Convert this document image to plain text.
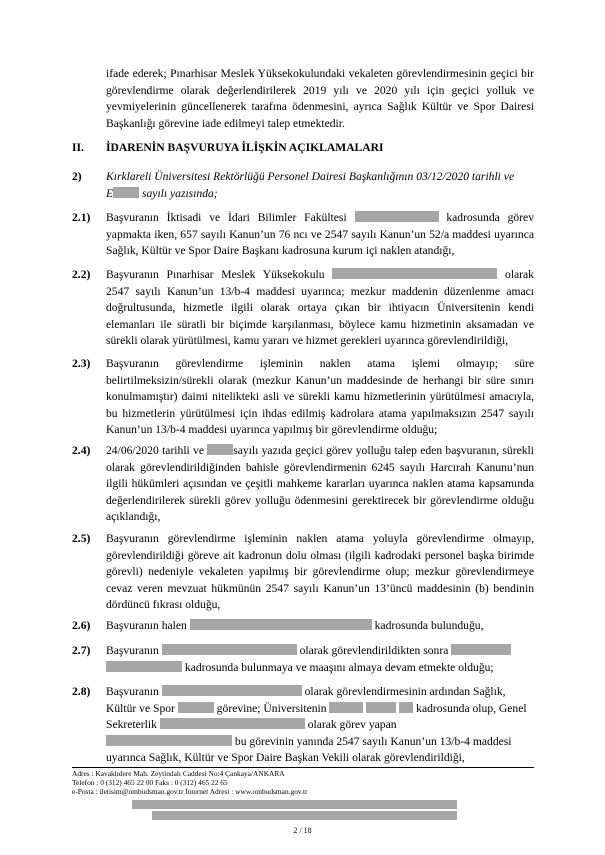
ifade ederek; Pınarhisar Meslek Yüksekokulundaki vekaleten görevlendirmesinin geçici bir görevlendirme olarak değerlendirilerek 2019 yılı ve 2020 yılı için geçici yolluk ve yevmiyelerinin güncellenerek tarafına ödenmesini, ayrıca Sağlık Kültür ve Spor Dairesi Başkanlığı görevine iade edilmeyi talep etmektedir.
II. İDARENİN BAŞVURUYA İLİŞKİN AÇIKLAMALARI
2) Kırklareli Üniversitesi Rektörlüğü Personel Dairesi Başkanlığının 03/12/2020 tarihli ve
E sayılı yazısında;
2.1) Başvuranın İktisadi ve İdari Bilimler Fakültesi	kadrosunda görev yapmakta iken, 657 sayılı Kanun’un 76 ncı ve 2547 sayılı Kanun’un 52/a maddesi uyarınca Sağlık, Kültür ve Spor Daire Başkanı kadrosuna kurum içi naklen atandığı,
2.2) Başvuranın Pınarhisar Meslek Yüksekokulu	olarak 2547 sayılı Kanun’un 13/b-4 maddesi uyarınca; mezkur maddenin düzenlenme amacı doğrultusunda, hizmetle ilgili olarak ortaya çıkan bir ihtiyacın Üniversitenin kendi elemanları ile süratli bir biçimde karşılanması, böylece kamu hizmetinin aksamadan ve sürekli olarak yürütülmesi, kamu yararı ve hizmet gerekleri uyarınca görevlendirildiği,
2.3) Başvuranın görevlendirme işleminin naklen atama işlemi olmayıp; süre belirtilmeksizin/sürekli olarak (mezkur Kanun’un maddesinde de herhangi bir süre sınırı konulmamıştır) daimi nitelikteki asli ve sürekli kamu hizmetlerinin yürütülmesi amacıyla, bu hizmetlerin yürütülmesi için ihdas edilmiş kadrolara atama yapılmaksızın 2547 sayılı Kanun’un 13/b-4 maddesi uyarınca yapılmış bir görevlendirme olduğu;
2.4) 24/06/2020 tarihli ve	sayılı yazıda geçici görev yolluğu talep eden başvuranın, sürekli olarak görevlendirildiğinden bahisle görevlendirmenin 6245 sayılı Harcırah Kanunu’nun ilgili hükümleri açısından ve çeşitli mahkeme kararları uyarınca naklen atama kapsamında değerlendirilerek sürekli görev yolluğu ödenmesini gerektirecek bir görevlendirme olduğu açıklandığı,
2.5) Başvuranın görevlendirme işleminin naklen atama yoluyla görevlendirme olmayıp, görevlendirildiği göreve ait kadronun dolu olması (ilgili kadrodaki personel başka birimde görevli) nedeniyle vekaleten yapılmış bir görevlendirme olup; mezkur görevlendirmeye cevaz veren mevzuat hükmünün 2547 sayılı Kanun’un 13’üncü maddesinin (b) bendinin dördüncü fıkrası olduğu,
2.6) Başvuranın halen	kadrosunda bulunduğu,
2.7) Başvuranın	olarak görevlendirildikten sonra
kadrosunda bulunmaya ve maaşını almaya devam etmekte olduğu;
2.8) Başvuranın	olarak görevlendirmesinin ardından Sağlık, Kültür ve Spor	görevine; Üniversitenin	kadrosunda olup, Genel Sekreterlik	olarak görev yapan
bu görevinin yanında 2547 sayılı Kanun’un 13/b-4 maddesi uyarınca Sağlık, Kültür ve Spor Daire Başkan Vekili olarak görevlendirildiği,
Adres : Kavaklıdere Mah. Zeytindalı Caddesi No:4 Çankaya/ANKARA
Telefon : 0 (312) 465 22 00 Faks : 0 (312) 465 22 65
e-Posta : iletisim@ombudsman.gov.tr İnternet Adresi : www.ombudsman.gov.tr
2 / 18
